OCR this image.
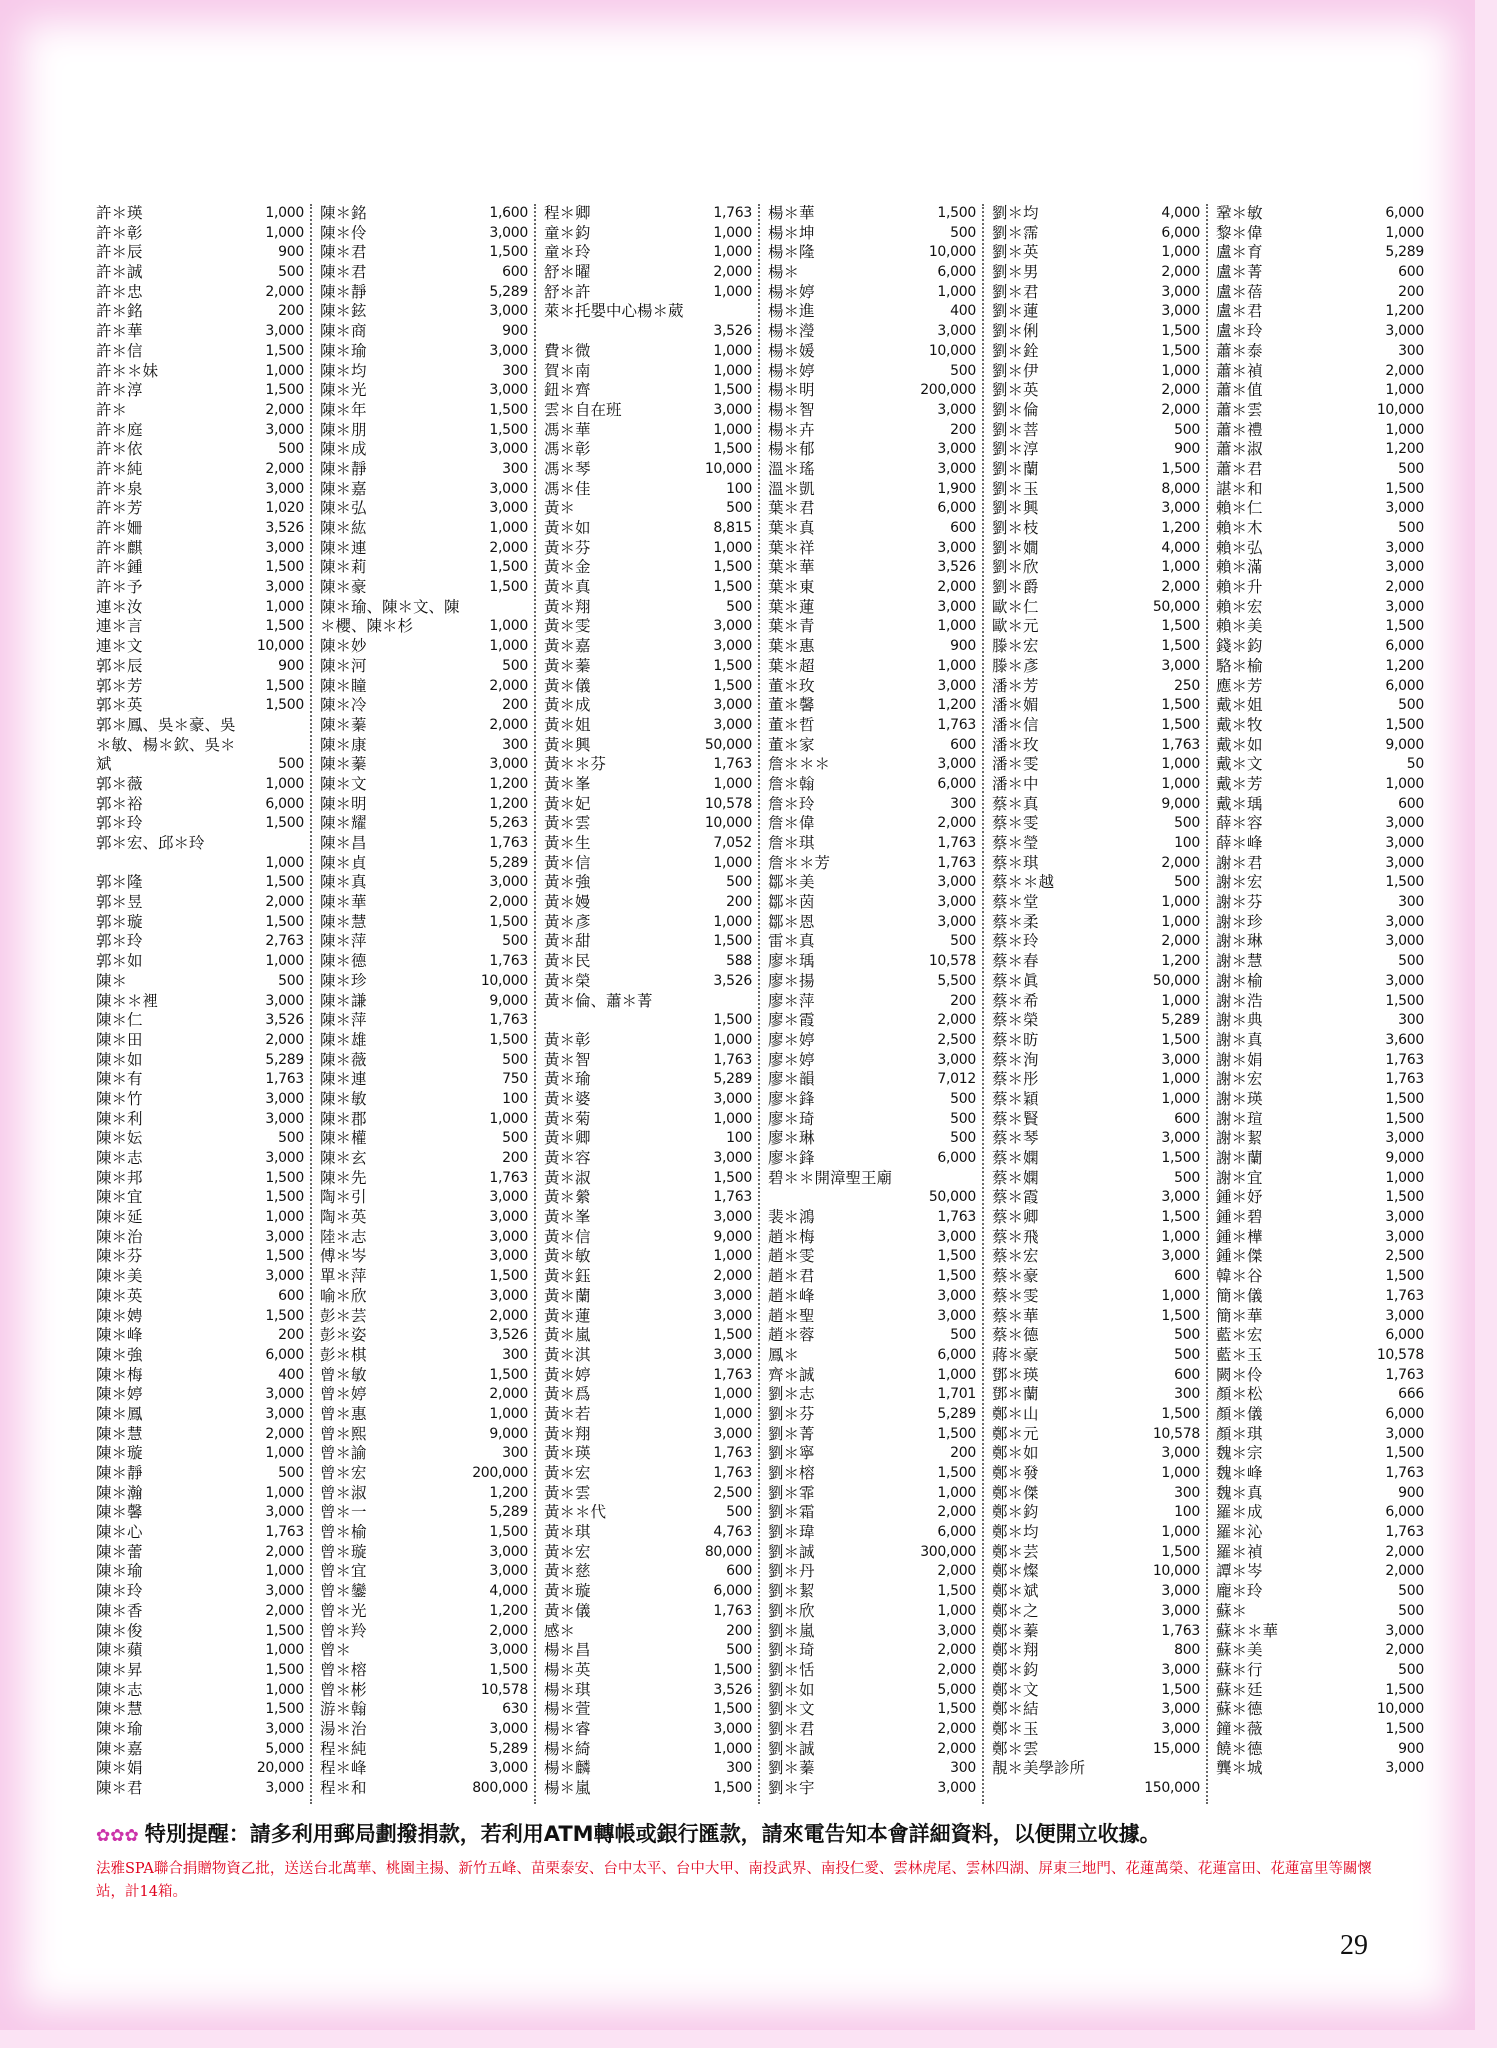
許＊瑛	1,000
許＊彰	1,000
許＊辰	900
許＊誠	500
許＊忠	2,000
許＊銘	200
許＊華	3,000
許＊信	1,500
許＊＊妹	1,000
許＊淳	1,500
許＊	2,000
許＊庭	3,000
許＊依	500
許＊純	2,000
許＊泉	3,000
許＊芳	1,020
許＊姍	3,526
許＊麒	3,000
許＊鍾	1,500
許＊予	3,000
連＊汝	1,000
連＊言	1,500
連＊文	10,000
郭＊辰	900
郭＊芳	1,500
郭＊英	1,500
郭＊鳳、吳＊豪、吳
＊敏、楊＊欽、吳＊
斌	500
郭＊薇	1,000
郭＊裕	6,000
郭＊玲	1,500
郭＊宏、邱＊玲
1,000
郭＊隆	1,500
郭＊昱	2,000
郭＊璇	1,500
郭＊玲	2,763
郭＊如	1,000
陳＊	500
陳＊＊裡	3,000
陳＊仁	3,526
陳＊田	2,000
陳＊如	5,289
陳＊有	1,763
陳＊竹	3,000
陳＊利	3,000
陳＊妘	500
陳＊志	3,000
陳＊邦	1,500
陳＊宜	1,500
陳＊延	1,000
陳＊治	3,000
陳＊芬	1,500
陳＊美	3,000
陳＊英	600
陳＊娉	1,500
陳＊峰	200
陳＊強	6,000
陳＊梅	400
陳＊婷	3,000
陳＊鳳	3,000
陳＊慧	2,000
陳＊璇	1,000
陳＊靜	500
陳＊瀚	1,000
陳＊馨	3,000
陳＊心	1,763
陳＊蕾	2,000
陳＊瑜	1,000
陳＊玲	3,000
陳＊香	2,000
陳＊俊	1,500
陳＊蘋	1,000
陳＊昇	1,500
陳＊志	1,000
陳＊慧	1,500
陳＊瑜	3,000
陳＊嘉	5,000
陳＊娟	20,000
陳＊君	3,000
陳＊銘	1,600
陳＊伶	3,000
陳＊君	1,500
陳＊君	600
陳＊靜	5,289
陳＊鉉	3,000
陳＊商	900
陳＊瑜	3,000
陳＊均	300
陳＊光	3,000
陳＊年	1,500
陳＊朋	1,500
陳＊成	3,000
陳＊靜	300
陳＊嘉	3,000
陳＊弘	3,000
陳＊紘	1,000
陳＊連	2,000
陳＊莉	1,500
陳＊豪	1,500
陳＊瑜、陳＊文、陳
＊櫻、陳＊杉	1,000
陳＊妙	1,000
陳＊河	500
陳＊瞳	2,000
陳＊冷	200
陳＊蓁	2,000
陳＊康	300
陳＊蓁	3,000
陳＊文	1,200
陳＊明	1,200
陳＊耀	5,263
陳＊昌	1,763
陳＊貞	5,289
陳＊真	3,000
陳＊華	2,000
陳＊慧	1,500
陳＊萍	500
陳＊德	1,763
陳＊珍	10,000
陳＊謙	9,000
陳＊萍	1,763
陳＊雄	1,500
陳＊薇	500
陳＊連	750
陳＊敏	100
陳＊郡	1,000
陳＊權	500
陳＊玄	200
陳＊先	1,763
陶＊引	3,000
陶＊英	3,000
陸＊志	3,000
傅＊岑	3,000
單＊萍	1,500
喻＊欣	3,000
彭＊芸	2,000
彭＊姿	3,526
彭＊棋	300
曾＊敏	1,500
曾＊婷	2,000
曾＊惠	1,000
曾＊熙	9,000
曾＊諭	300
曾＊宏	200,000
曾＊淑	1,200
曾＊一	5,289
曾＊榆	1,500
曾＊璇	3,000
曾＊宜	3,000
曾＊鑾	4,000
曾＊光	1,200
曾＊羚	2,000
曾＊	3,000
曾＊榕	1,500
曾＊彬	10,578
游＊翰	630
湯＊治	3,000
程＊純	5,289
程＊峰	3,000
程＊和	800,000
程＊卿	1,763
童＊鈞	1,000
童＊玲	1,000
舒＊曜	2,000
舒＊許	1,000
萊＊托嬰中心楊＊葳
3,526
費＊微	1,000
賀＊南	1,000
鈕＊齊	1,500
雲＊自在班	3,000
馮＊華	1,000
馮＊彰	1,500
馮＊琴	10,000
馮＊佳	100
黃＊	500
黃＊如	8,815
黃＊芬	1,000
黃＊金	1,500
黃＊真	1,500
黃＊翔	500
黃＊雯	3,000
黃＊嘉	3,000
黃＊蓁	1,500
黃＊儀	1,500
黃＊成	3,000
黃＊姐	3,000
黃＊興	50,000
黃＊＊芬	1,763
黃＊峯	1,000
黃＊妃	10,578
黃＊雲	10,000
黃＊生	7,052
黃＊信	1,000
黃＊強	500
黃＊嫚	200
黃＊彥	1,000
黃＊甜	1,500
黃＊民	588
黃＊榮	3,526
黃＊倫、蕭＊菁
1,500
黃＊彰	1,000
黃＊智	1,763
黃＊瑜	5,289
黃＊婆	3,000
黃＊菊	1,000
黃＊卿	100
黃＊容	3,000
黃＊淑	1,500
黃＊縈	1,763
黃＊峯	3,000
黃＊信	9,000
黃＊敏	1,000
黃＊鈺	2,000
黃＊蘭	3,000
黃＊蓮	3,000
黃＊嵐	1,500
黃＊淇	3,000
黃＊婷	1,763
黃＊爲	1,000
黃＊若	1,000
黃＊翔	3,000
黃＊瑛	1,763
黃＊宏	1,763
黃＊雲	2,500
黃＊＊代	500
黃＊琪	4,763
黃＊宏	80,000
黃＊慈	600
黃＊璇	6,000
黃＊儀	1,763
感＊	200
楊＊昌	500
楊＊英	1,500
楊＊琪	3,526
楊＊萱	1,500
楊＊睿	3,000
楊＊綺	1,000
楊＊麟	300
楊＊嵐	1,500
楊＊華	1,500
楊＊坤	500
楊＊隆	10,000
楊＊	6,000
楊＊婷	1,000
楊＊進	400
楊＊瀅	3,000
楊＊媛	10,000
楊＊婷	500
楊＊明	200,000
楊＊智	3,000
楊＊卉	200
楊＊郁	3,000
溫＊瑤	3,000
溫＊凱	1,900
葉＊君	6,000
葉＊真	600
葉＊祥	3,000
葉＊華	3,526
葉＊東	2,000
葉＊蓮	3,000
葉＊青	1,000
葉＊惠	900
葉＊超	1,000
董＊玫	3,000
董＊馨	1,200
董＊哲	1,763
董＊家	600
詹＊＊＊	3,000
詹＊翰	6,000
詹＊玲	300
詹＊偉	2,000
詹＊琪	1,763
詹＊＊芳	1,763
鄒＊美	3,000
鄒＊茵	3,000
鄒＊恩	3,000
雷＊真	500
廖＊瑀	10,578
廖＊揚	5,500
廖＊萍	200
廖＊霞	2,000
廖＊婷	2,500
廖＊婷	3,000
廖＊韻	7,012
廖＊鋒	500
廖＊琦	500
廖＊琳	500
廖＊鋒	6,000
碧＊＊開漳聖王廟
50,000
裴＊鴻	1,763
趙＊梅	3,000
趙＊雯	1,500
趙＊君	1,500
趙＊峰	3,000
趙＊聖	3,000
趙＊蓉	500
鳳＊	6,000
齊＊誠	1,000
劉＊志	1,701
劉＊芬	5,289
劉＊菁	1,500
劉＊寧	200
劉＊榕	1,500
劉＊霏	1,000
劉＊霜	2,000
劉＊瑋	6,000
劉＊誠	300,000
劉＊丹	2,000
劉＊絜	1,500
劉＊欣	1,000
劉＊嵐	3,000
劉＊琦	2,000
劉＊恬	2,000
劉＊如	5,000
劉＊文	1,500
劉＊君	2,000
劉＊誠	2,000
劉＊蓁	300
劉＊宇	3,000
劉＊均	4,000
劉＊霈	6,000
劉＊英	1,000
劉＊男	2,000
劉＊君	3,000
劉＊蓮	3,000
劉＊俐	1,500
劉＊銓	1,500
劉＊伊	1,000
劉＊英	2,000
劉＊倫	2,000
劉＊菩	500
劉＊淳	900
劉＊蘭	1,500
劉＊玉	8,000
劉＊興	3,000
劉＊枝	1,200
劉＊嫺	4,000
劉＊欣	1,000
劉＊爵	2,000
歐＊仁	50,000
歐＊元	1,500
滕＊宏	1,500
滕＊彥	3,000
潘＊芳	250
潘＊媚	1,500
潘＊信	1,500
潘＊玫	1,763
潘＊雯	1,000
潘＊中	1,000
蔡＊真	9,000
蔡＊雯	500
蔡＊瑩	100
蔡＊琪	2,000
蔡＊＊越	500
蔡＊堂	1,000
蔡＊柔	1,000
蔡＊玲	2,000
蔡＊春	1,200
蔡＊眞	50,000
蔡＊希	1,000
蔡＊榮	5,289
蔡＊昉	1,500
蔡＊洵	3,000
蔡＊彤	1,000
蔡＊穎	1,000
蔡＊賢	600
蔡＊琴	3,000
蔡＊嫻	1,500
蔡＊嫻	500
蔡＊霞	3,000
蔡＊卿	1,500
蔡＊飛	1,000
蔡＊宏	3,000
蔡＊豪	600
蔡＊雯	1,000
蔡＊華	1,500
蔡＊德	500
蔣＊豪	500
鄧＊瑛	600
鄧＊蘭	300
鄭＊山	1,500
鄭＊元	10,578
鄭＊如	3,000
鄭＊發	1,000
鄭＊傑	300
鄭＊鈞	100
鄭＊均	1,000
鄭＊芸	1,500
鄭＊燦	10,000
鄭＊斌	3,000
鄭＊之	3,000
鄭＊蓁	1,763
鄭＊翔	800
鄭＊鈞	3,000
鄭＊文	1,500
鄭＊結	3,000
鄭＊玉	3,000
鄭＊雲	15,000
靚＊美學診所
150,000
鞏＊敏	6,000
黎＊偉	1,000
盧＊育	5,289
盧＊菁	600
盧＊蓓	200
盧＊君	1,200
盧＊玲	3,000
蕭＊泰	300
蕭＊禎	2,000
蕭＊值	1,000
蕭＊雲	10,000
蕭＊禮	1,000
蕭＊淑	1,200
蕭＊君	500
諶＊和	1,500
賴＊仁	3,000
賴＊木	500
賴＊弘	3,000
賴＊滿	3,000
賴＊升	2,000
賴＊宏	3,000
賴＊美	1,500
錢＊鈞	6,000
駱＊榆	1,200
應＊芳	6,000
戴＊姐	500
戴＊牧	1,500
戴＊如	9,000
戴＊文	50
戴＊芳	1,000
戴＊瑀	600
薛＊容	3,000
薛＊峰	3,000
謝＊君	3,000
謝＊宏	1,500
謝＊芬	300
謝＊珍	3,000
謝＊琳	3,000
謝＊慧	500
謝＊榆	3,000
謝＊浩	1,500
謝＊典	300
謝＊真	3,600
謝＊娟	1,763
謝＊宏	1,763
謝＊瑛	1,500
謝＊瑄	1,500
謝＊絜	3,000
謝＊蘭	9,000
謝＊宜	1,000
鍾＊妤	1,500
鍾＊碧	3,000
鍾＊樺	3,000
鍾＊傑	2,500
韓＊谷	1,500
簡＊儀	1,763
簡＊華	3,000
藍＊宏	6,000
藍＊玉	10,578
闕＊伶	1,763
顏＊松	666
顏＊儀	6,000
顏＊琪	3,000
魏＊宗	1,500
魏＊峰	1,763
魏＊真	900
羅＊成	6,000
羅＊沁	1,763
羅＊禎	2,000
譚＊岑	2,000
龐＊玲	500
蘇＊	500
蘇＊＊華	3,000
蘇＊美	2,000
蘇＊行	500
蘇＊廷	1,500
蘇＊德	10,000
鐘＊薇	1,500
饒＊德	900
龔＊城	3,000
✿✿✿ 特別提醒：請多利用郵局劃撥捐款，若利用ATM轉帳或銀行匯款，請來電告知本會詳細資料，以便開立收據。
法雅SPA聯合捐贈物資乙批，送送台北萬華、桃園主揚、新竹五峰、苗栗泰安、台中太平、台中大甲、南投武界、南投仁愛、雲林虎尾、雲林四湖、屏東三地門、花蓮萬榮、花蓮富田、花蓮富里等關懷站，計14箱。
29
